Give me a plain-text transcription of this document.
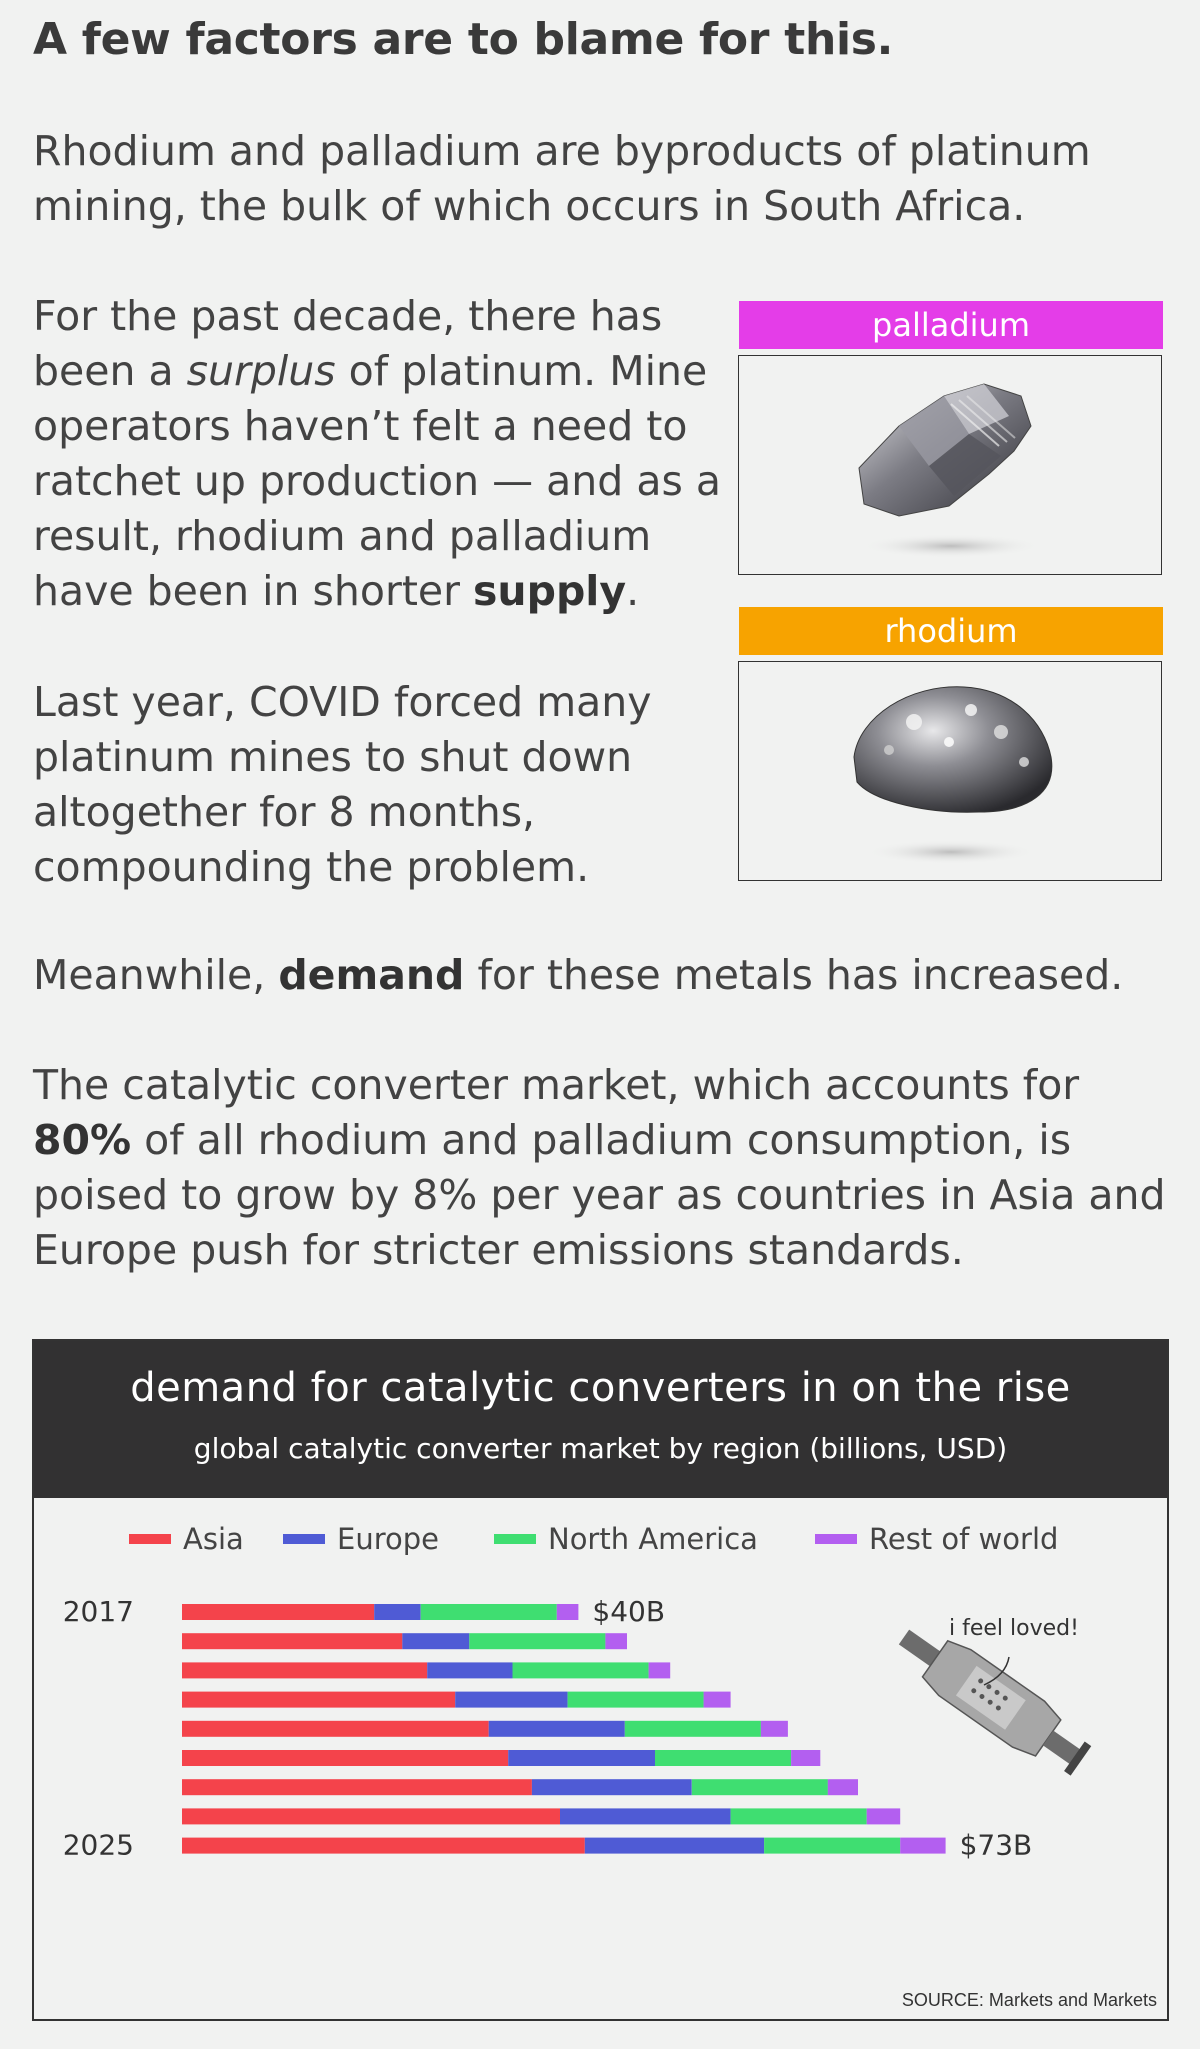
A few factors are to blame for this.

Rhodium and palladium are byproducts of platinum mining, the bulk of which occurs in South Africa.

For the past decade, there has been a surplus of platinum. Mine operators haven’t felt a need to ratchet up production — and as a result, rhodium and palladium have been in shorter supply.

Last year, COVID forced many platinum mines to shut down altogether for 8 months, compounding the problem.

Meanwhile, demand for these metals has increased.

The catalytic converter market, which accounts for 80% of all rhodium and palladium consumption, is poised to grow by 8% per year as countries in Asia and Europe push for stricter emissions standards.

palladium
rhodium
demand for catalytic converters in on the rise
global catalytic converter market by region (billions, USD)
Asia	Europe	North America	Rest of world
2017	$40B
2025	$73B
i feel loved!
SOURCE: Markets and Markets
